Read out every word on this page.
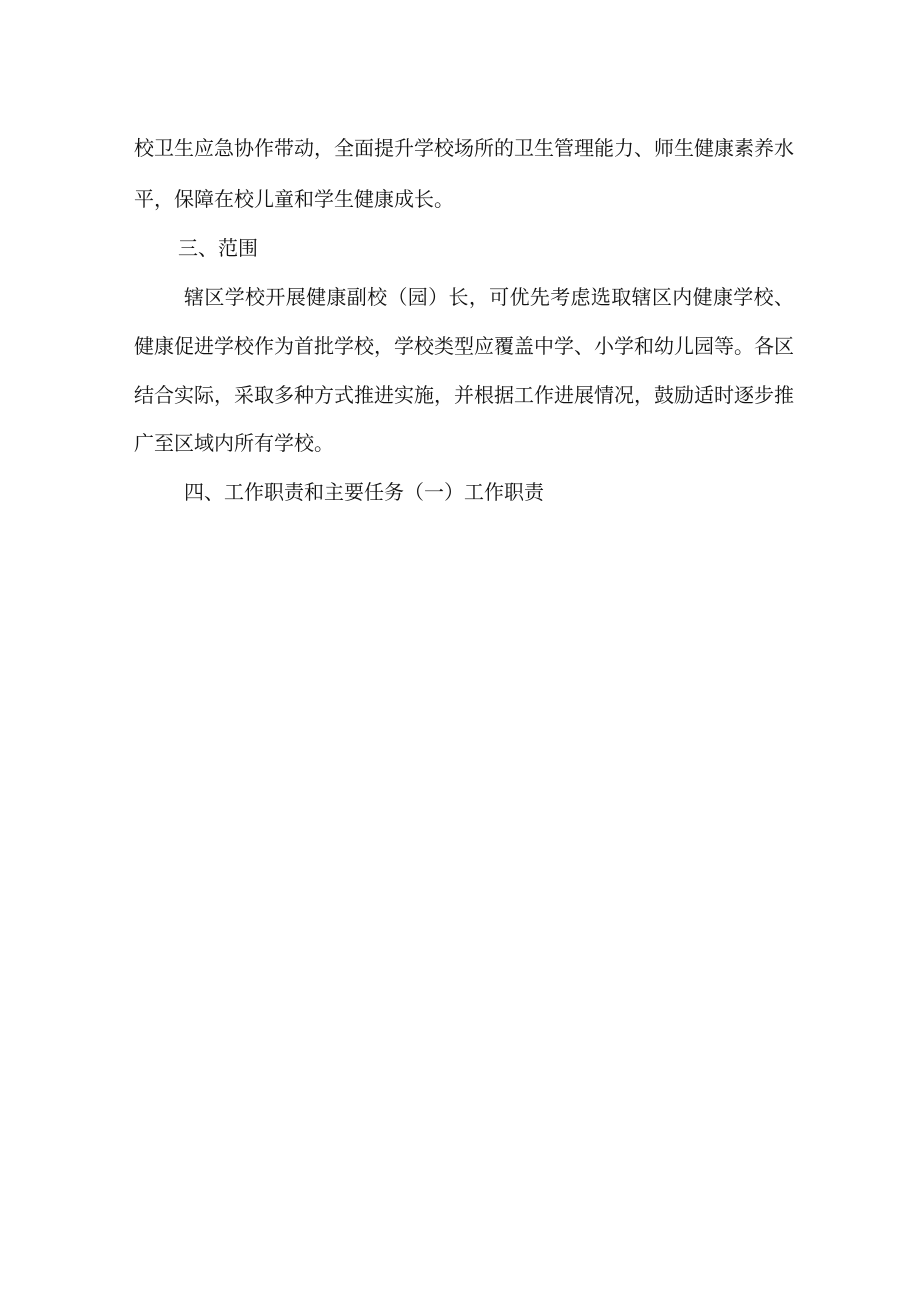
校卫生应急协作带动，全面提升学校场所的卫生管理能力、师生健康素养水
平，保障在校儿童和学生健康成长。
三、范围
辖区学校开展健康副校（园）长，可优先考虑选取辖区内健康学校、
健康促进学校作为首批学校，学校类型应覆盖中学、小学和幼儿园等。各区
结合实际，采取多种方式推进实施，并根据工作进展情况，鼓励适时逐步推
广至区域内所有学校。
四、工作职责和主要任务（一）工作职责
